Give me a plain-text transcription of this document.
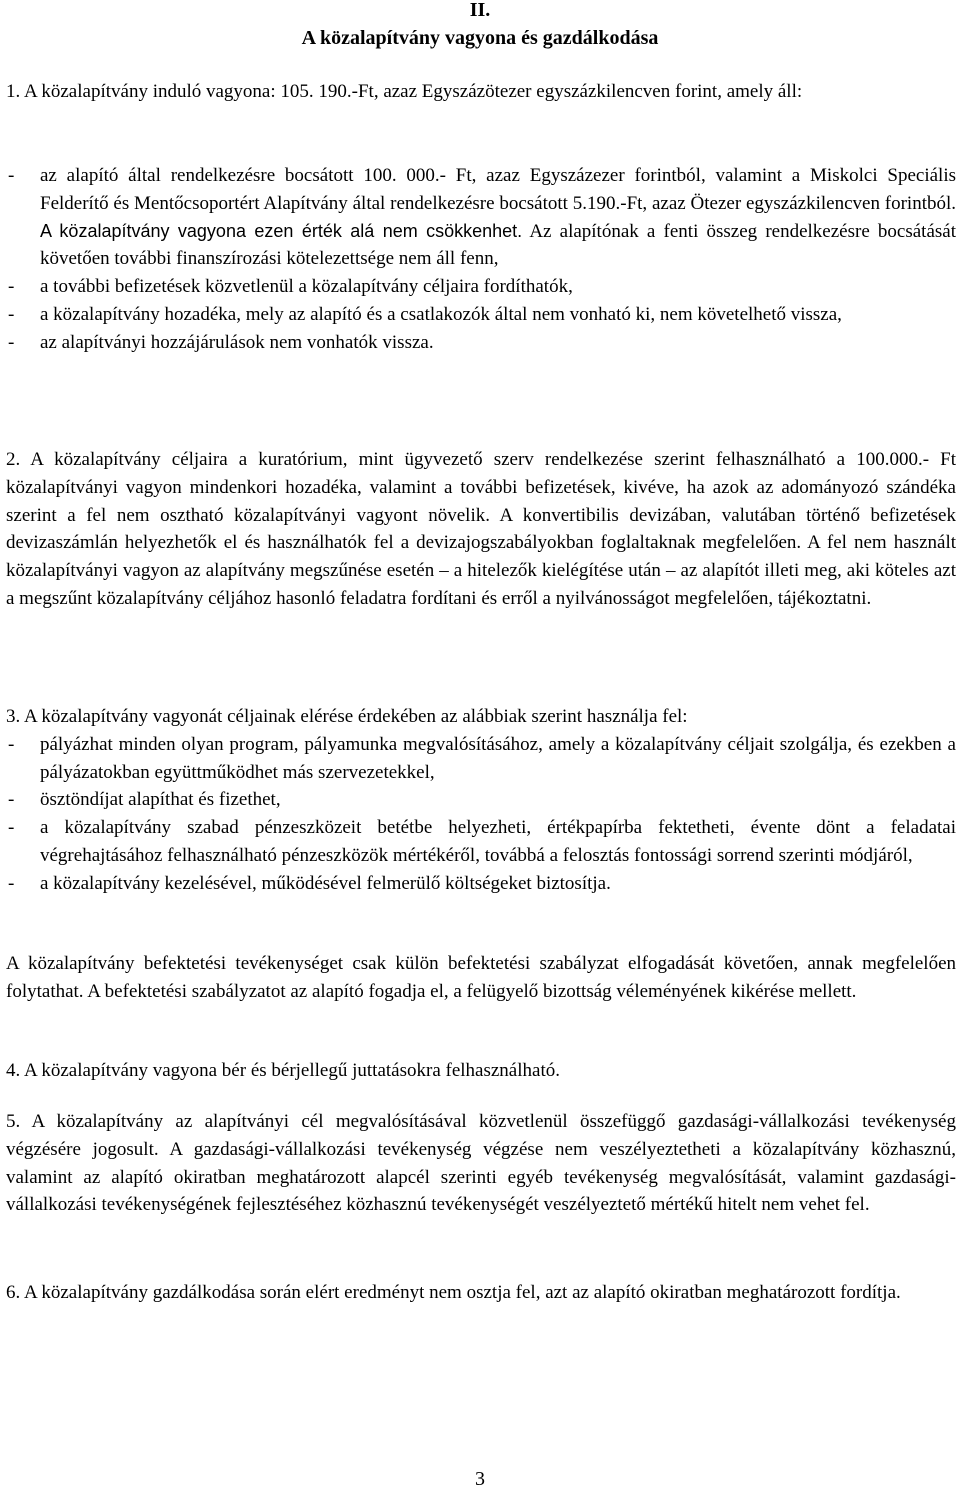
II.
A közalapítvány vagyona és gazdálkodása

1. A közalapítvány induló vagyona: 105. 190.-Ft, azaz Egyszázötezer egyszázkilencven forint, amely áll:

- az alapító által rendelkezésre bocsátott 100. 000.- Ft, azaz Egyszázezer forintból, valamint a Miskolci Speciális Felderítő és Mentőcsoportért Alapítvány által rendelkezésre bocsátott 5.190.-Ft, azaz Ötezer egyszázkilencven forintból. A közalapítvány vagyona ezen érték alá nem csökkenhet. Az alapítónak a fenti összeg rendelkezésre bocsátását követően további finanszírozási kötelezettsége nem áll fenn,
- a további befizetések közvetlenül a közalapítvány céljaira fordíthatók,
- a közalapítvány hozadéka, mely az alapító és a csatlakozók által nem vonható ki, nem követelhető vissza,
- az alapítványi hozzájárulások nem vonhatók vissza.

2. A közalapítvány céljaira a kuratórium, mint ügyvezető szerv rendelkezése szerint felhasználható a 100.000.- Ft közalapítványi vagyon mindenkori hozadéka, valamint a további befizetések, kivéve, ha azok az adományozó szándéka szerint a fel nem osztható közalapítványi vagyont növelik. A konvertibilis devizában, valutában történő befizetések devizaszámlán helyezhetők el és használhatók fel a devizajogszabályokban foglaltaknak megfelelően. A fel nem használt közalapítványi vagyon az alapítvány megszűnése esetén – a hitelezők kielégítése után – az alapítót illeti meg, aki köteles azt a megszűnt közalapítvány céljához hasonló feladatra fordítani és erről a nyilvánosságot megfelelően, tájékoztatni.

3. A közalapítvány vagyonát céljainak elérése érdekében az alábbiak szerint használja fel:

- pályázhat minden olyan program, pályamunka megvalósításához, amely a közalapítvány céljait szolgálja, és ezekben a pályázatokban együttműködhet más szervezetekkel,
- ösztöndíjat alapíthat és fizethet,
- a közalapítvány szabad pénzeszközeit betétbe helyezheti, értékpapírba fektetheti, évente dönt a feladatai végrehajtásához felhasználható pénzeszközök mértékéről, továbbá a felosztás fontossági sorrend szerinti módjáról,
- a közalapítvány kezelésével, működésével felmerülő költségeket biztosítja.

A közalapítvány befektetési tevékenységet csak külön befektetési szabályzat elfogadását követően, annak megfelelően folytathat. A befektetési szabályzatot az alapító fogadja el, a felügyelő bizottság véleményének kikérése mellett.

4. A közalapítvány vagyona bér és bérjellegű juttatásokra felhasználható.

5. A közalapítvány az alapítványi cél megvalósításával közvetlenül összefüggő gazdasági-vállalkozási tevékenység végzésére jogosult. A gazdasági-vállalkozási tevékenység végzése nem veszélyeztetheti a közalapítvány közhasznú, valamint az alapító okiratban meghatározott alapcél szerinti egyéb tevékenység megvalósítását, valamint gazdasági-vállalkozási tevékenységének fejlesztéséhez közhasznú tevékenységét veszélyeztető mértékű hitelt nem vehet fel.

6. A közalapítvány gazdálkodása során elért eredményt nem osztja fel, azt az alapító okiratban meghatározott fordítja.

3
